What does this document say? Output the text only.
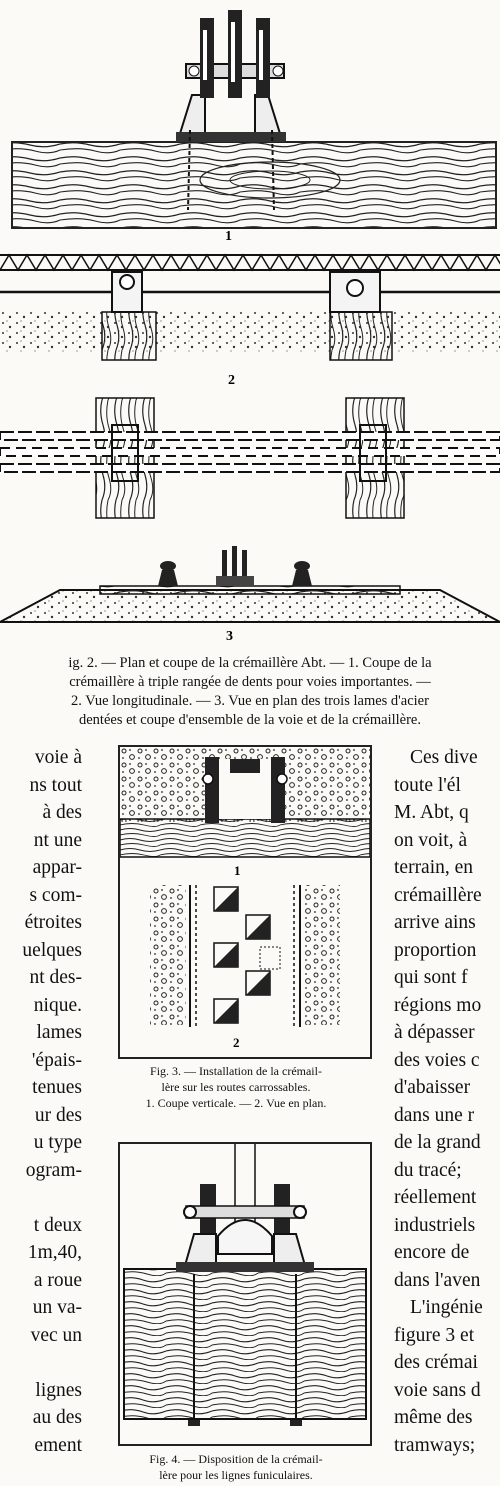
1
2
3
ig. 2. — Plan et coupe de la crémaillère Abt. — 1. Coupe de la
crémaillère à triple rangée de dents pour voies importantes. —
2. Vue longitudinale. — 3. Vue en plan des trois lames d'acier
dentées et coupe d'ensemble de la voie et de la crémaillère.
voie à
ns tout
à des
nt une
appar-
s com-
étroites
uelques
nt des-
nique.
lames
'épais-
tenues
ur des
u type
ogram-

t deux
1m,40,
a roue
un va-
vec un

lignes
au des
ement
Ces dive
toute l'él
M. Abt, q
on voit, à
terrain, en
crémaillère
arrive ains
proportion
qui sont f
régions mo
à dépasser
des voies c
d'abaisser
dans une r
de la grand
du tracé;
réellement
industriels
encore de
dans l'aven
L'ingénie
figure 3 et
des crémai
voie sans d
même des
tramways;
1
2
Fig. 3. — Installation de la crémail-
lère sur les routes carrossables.
1. Coupe verticale. — 2. Vue en plan.
Fig. 4. — Disposition de la crémail-
lère pour les lignes funiculaires.
